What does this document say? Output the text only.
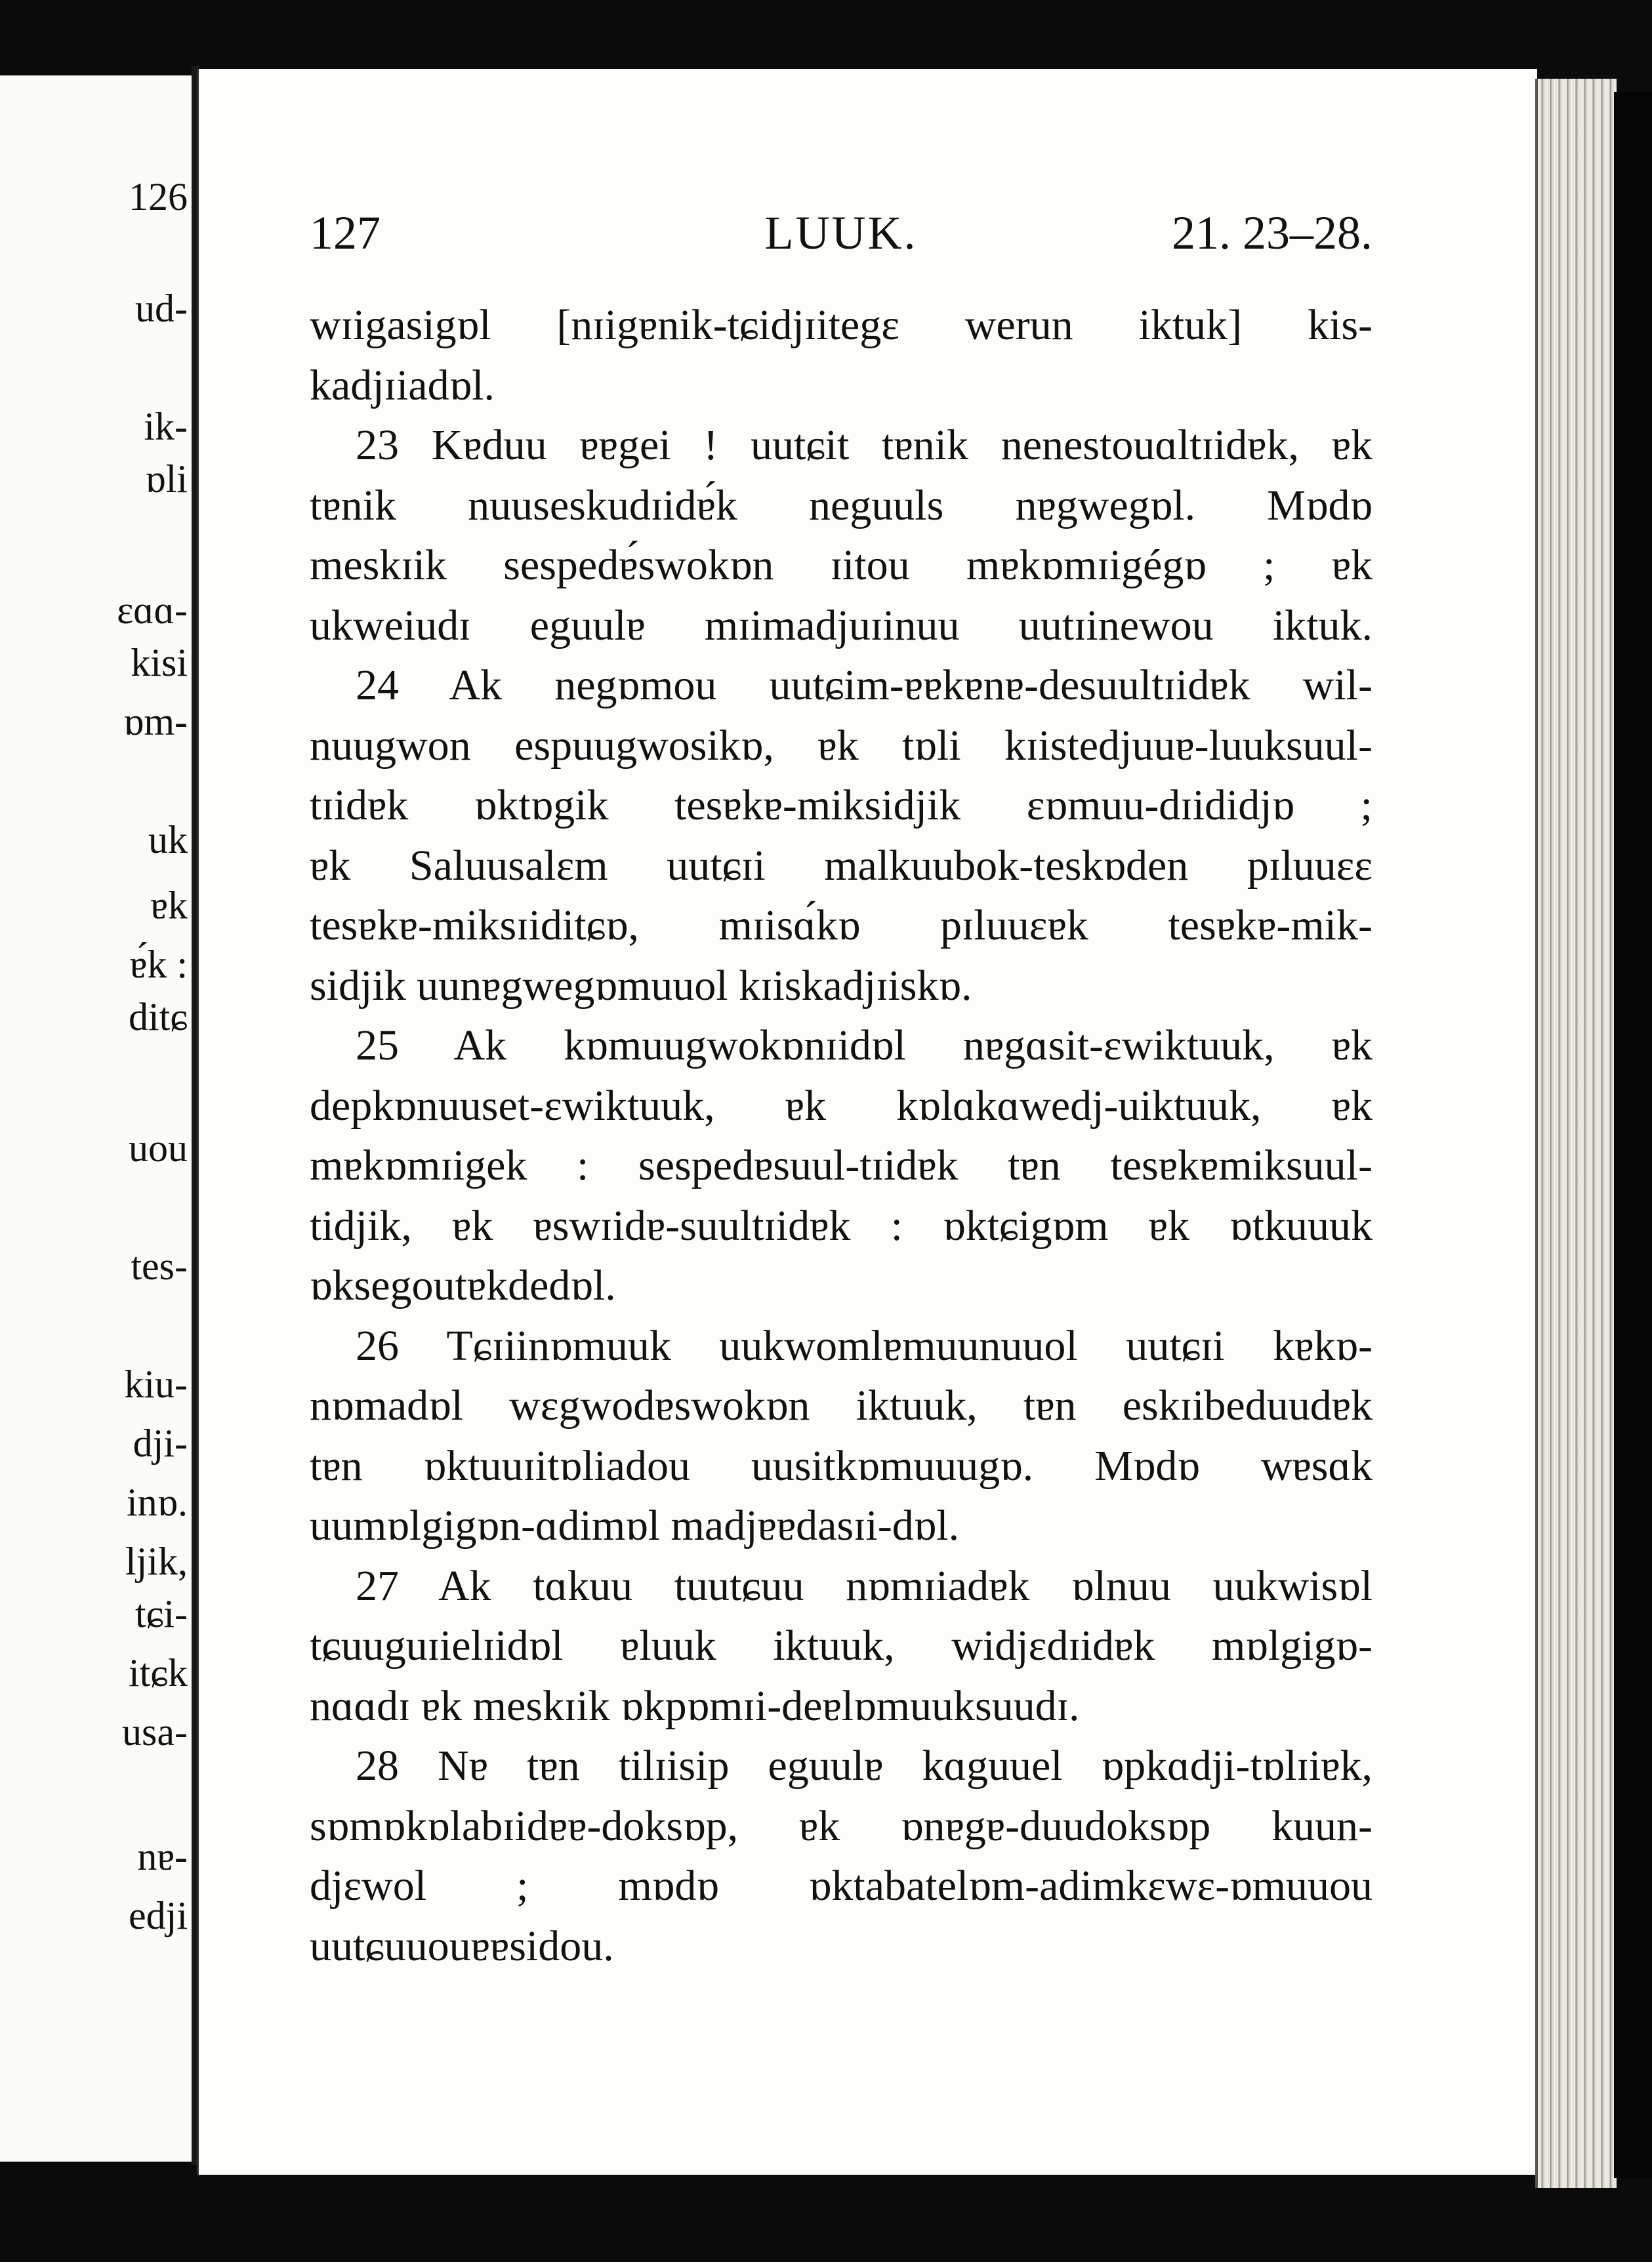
126
ud-
ik-
ɒli
ɛɑɑ-
kisi
ɒm-
uk
ɐk
ɐ́k :
ditɕ
uou
tes-
kiu-
dji-
inɒ.
ljik,
tɕi-
itɕk
usa-
nɐ-
edji
127	LUUK.	21. 23–28.
wɪigasigɒl [nɪigɐnik-tɕidjɪitegɛ werun iktuk] kis-
kadjɪiadɒl.
23 Kɐduu ɐɐgei ! uutɕit tɐnik nenestouɑltɪidɐk, ɐk
tɐnik nuuseskudɪidɐ́k neguuls nɐgwegɒl. Mɒdɒ
meskɪik sespedɐ́swokɒn ɪitou mɐkɒmɪigégɒ ; ɐk
ukweiudɪ eguulɐ mɪimadjuɪinuu uutɪinewou iktuk.
24 Ak negɒmou uutɕim-ɐɐkɐnɐ-desuultɪidɐk wil-
nuugwon espuugwosikɒ, ɐk tɒli kɪistedjuuɐ-luuksuul-
tɪidɐk ɒktɒgik tesɐkɐ-miksidjik ɛɒmuu-dɪididjɒ ;
ɐk Saluusalɛm uutɕɪi malkuubok-teskɒden pɪluuɛɛ
tesɐkɐ-miksɪiditɕɒ, mɪisɑ́kɒ pɪluuɛɐk tesɐkɐ-mik-
sidjik uunɐgwegɒmuuol kɪiskadjɪiskɒ.
25 Ak kɒmuugwokɒnɪidɒl nɐgɑsit-ɛwiktuuk, ɐk
depkɒnuuset-ɛwiktuuk, ɐk kɒlɑkɑwedj-uiktuuk, ɐk
mɐkɒmɪigek : sespedɐsuul-tɪidɐk tɐn tesɐkɐmiksuul-
tidjik, ɐk ɐswɪidɐ-suultɪidɐk : ɒktɕigɒm ɐk ɒtkuuuk
ɒksegoutɐkdedɒl.
26 Tɕɪiinɒmuuk uukwomlɐmuunuuol uutɕɪi kɐkɒ-
nɒmadɒl wɛgwodɐswokɒn iktuuk, tɐn eskɪibeduudɐk
tɐn ɒktuuɪitɒliadou uusitkɒmuuugɒ. Mɒdɒ wɐsɑk
uumɒlgigɒn-ɑdimɒl madjɐɐdasɪi-dɒl.
27 Ak tɑkuu tuutɕuu nɒmɪiadɐk ɒlnuu uukwisɒl
tɕuuguɪielɪidɒl ɐluuk iktuuk, widjɛdɪidɐk mɒlgigɒ-
nɑɑdɪ ɐk meskɪik ɒkpɒmɪi-deɐlɒmuuksuudɪ.
28 Nɐ tɐn tilɪisip eguulɐ kɑguuel ɒpkɑdji-tɒlɪiɐk,
sɒmɒkɒlabɪidɐɐ-doksɒp, ɐk ɒnɐgɐ-duudoksɒp kuun-
djɛwol ; mɒdɒ ɒktabatelɒm-adimkɛwɛ-ɒmuuou
uutɕuuouɐɐsidou.
